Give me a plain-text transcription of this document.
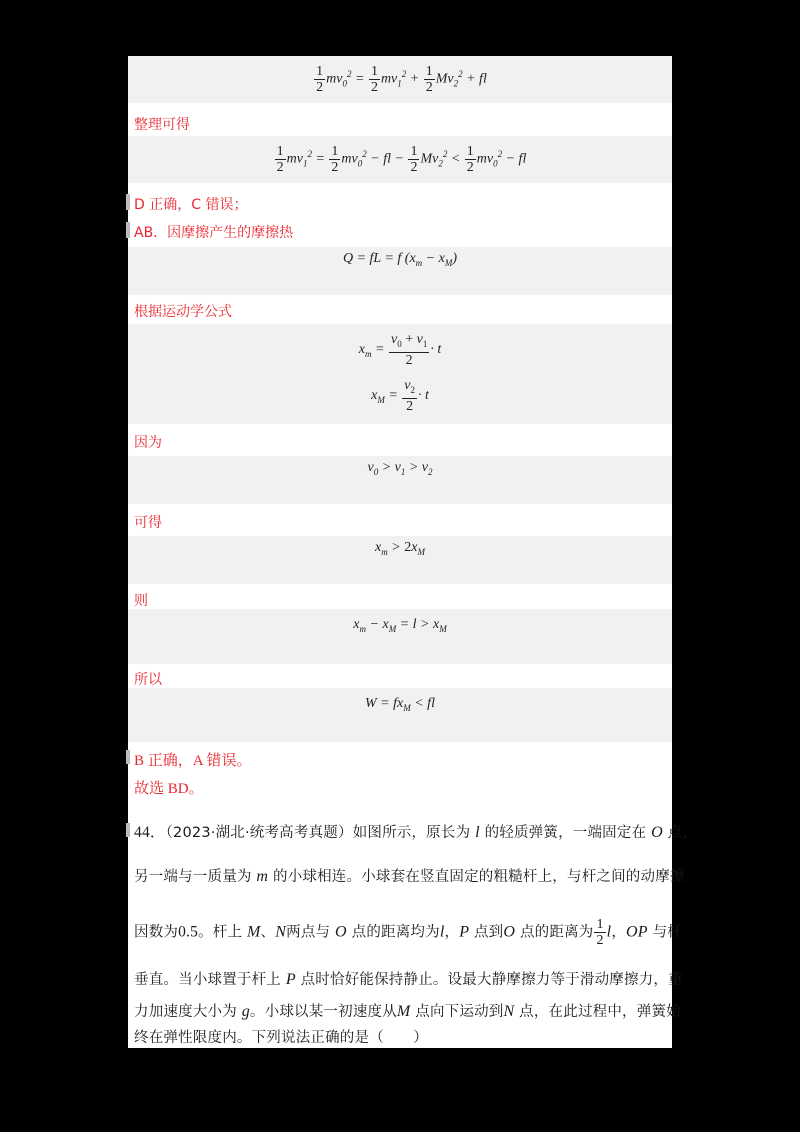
$\frac{1}{2} mv_0^2 = \frac{1}{2} mv_1^2 + \frac{1}{2} Mv_2^2$ + fl
整理可得
$\frac{1}{2} mv_1^2 = \frac{1}{2} mv_0^2$ − fl − $\frac{1}{2} Mv_2^2 < \frac{1}{2} mv_0^2$ − fl
D 正确，C 错误；
AB．因摩擦产生的摩擦热
Q = fL = f $(x_m - x_M)$
根据运动学公式
$x_m = \frac{v_0 + v_1}{2} \cdot t$
$x_M = \frac{v_2}{2} \cdot t$
因为
$v_0 > v_1 > v_2$
可得
$x_m > 2x_M$
则
$x_m - x_M = l > x_M$
所以
$W = fx_M$ < fl
B 正确，A 错误。
故选 BD。
44．（2023·湖北·统考高考真题）如图所示，原长为 l 的轻质弹簧，一端固定在 O 点，
另一端与一质量为 m 的小球相连。小球套在竖直固定的粗糙杆上，与杆之间的动摩擦
因数为0.5。杆上 M、N两点与 O 点的距离均为l，P 点到O 点的距离为 $\frac{1}{2}$ l，OP 与杆
垂直。当小球置于杆上 P 点时恰好能保持静止。设最大静摩擦力等于滑动摩擦力，重
力加速度大小为 g。小球以某一初速度从M 点向下运动到N 点，在此过程中，弹簧始
终在弹性限度内。下列说法正确的是（　　）
